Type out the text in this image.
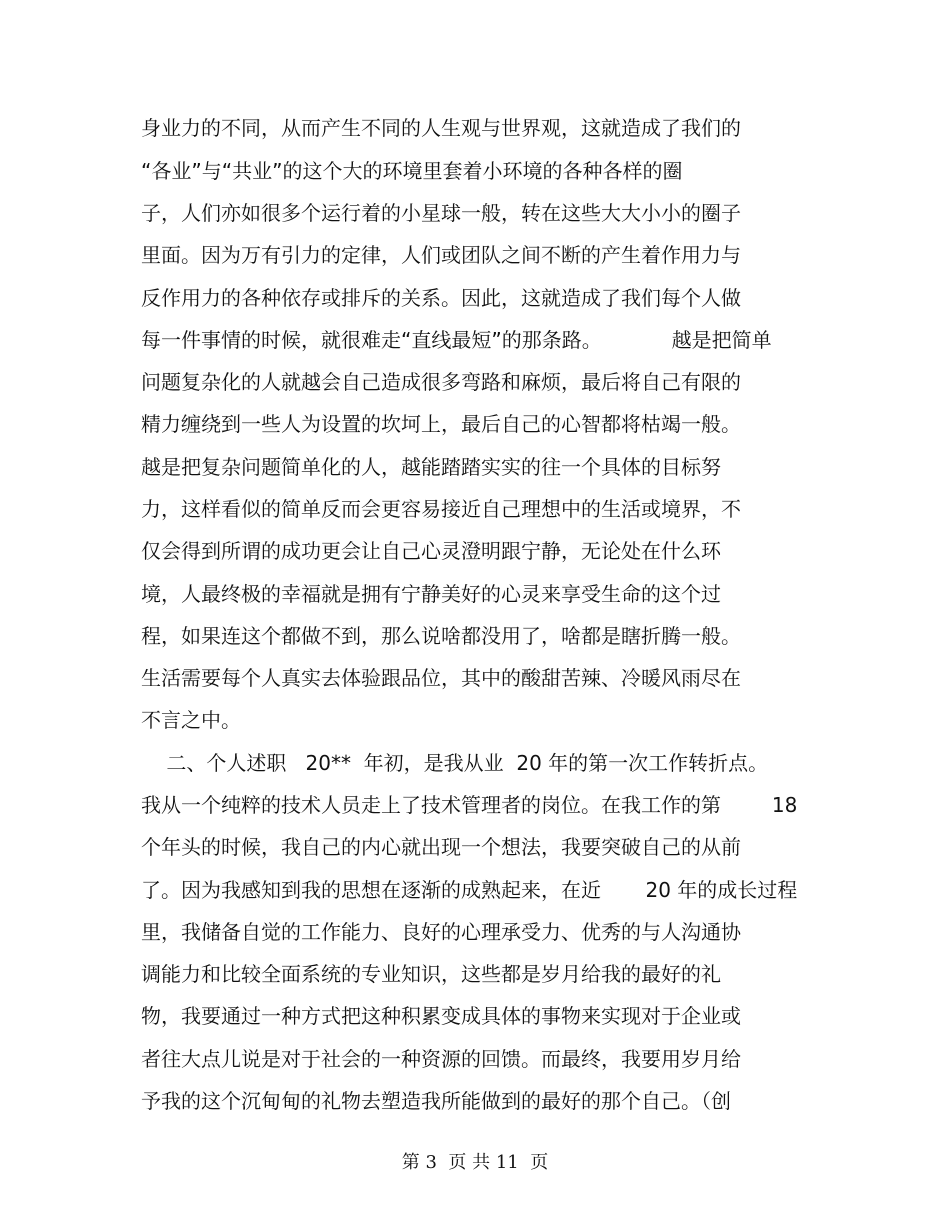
身业力的不同，从而产生不同的人生观与世界观，这就造成了我们的
“各业”与“共业”的这个大的环境里套着小环境的各种各样的圈
子，人们亦如很多个运行着的小星球一般，转在这些大大小小的圈子
里面。因为万有引力的定律，人们或团队之间不断的产生着作用力与
反作用力的各种依存或排斥的关系。因此，这就造成了我们每个人做
每一件事情的时候，就很难走“直线最短”的那条路。           越是把简单
问题复杂化的人就越会自己造成很多弯路和麻烦，最后将自己有限的
精力缠绕到一些人为设置的坎坷上，最后自己的心智都将枯竭一般。
越是把复杂问题简单化的人，越能踏踏实实的往一个具体的目标努
力，这样看似的简单反而会更容易接近自己理想中的生活或境界，不
仅会得到所谓的成功更会让自己心灵澄明跟宁静，无论处在什么环
境，人最终极的幸福就是拥有宁静美好的心灵来享受生命的这个过
程，如果连这个都做不到，那么说啥都没用了，啥都是瞎折腾一般。
生活需要每个人真实去体验跟品位，其中的酸甜苦辣、冷暖风雨尽在
不言之中。
二、个人述职   20**  年初，是我从业  20 年的第一次工作转折点。
我从一个纯粹的技术人员走上了技术管理者的岗位。在我工作的第        18
个年头的时候，我自己的内心就出现一个想法，我要突破自己的从前
了。因为我感知到我的思想在逐渐的成熟起来，在近       20 年的成长过程
里，我储备自觉的工作能力、良好的心理承受力、优秀的与人沟通协
调能力和比较全面系统的专业知识，这些都是岁月给我的最好的礼
物，我要通过一种方式把这种积累变成具体的事物来实现对于企业或
者往大点儿说是对于社会的一种资源的回馈。而最终，我要用岁月给
予我的这个沉甸甸的礼物去塑造我所能做到的最好的那个自己。（创
第 3  页 共 11  页
